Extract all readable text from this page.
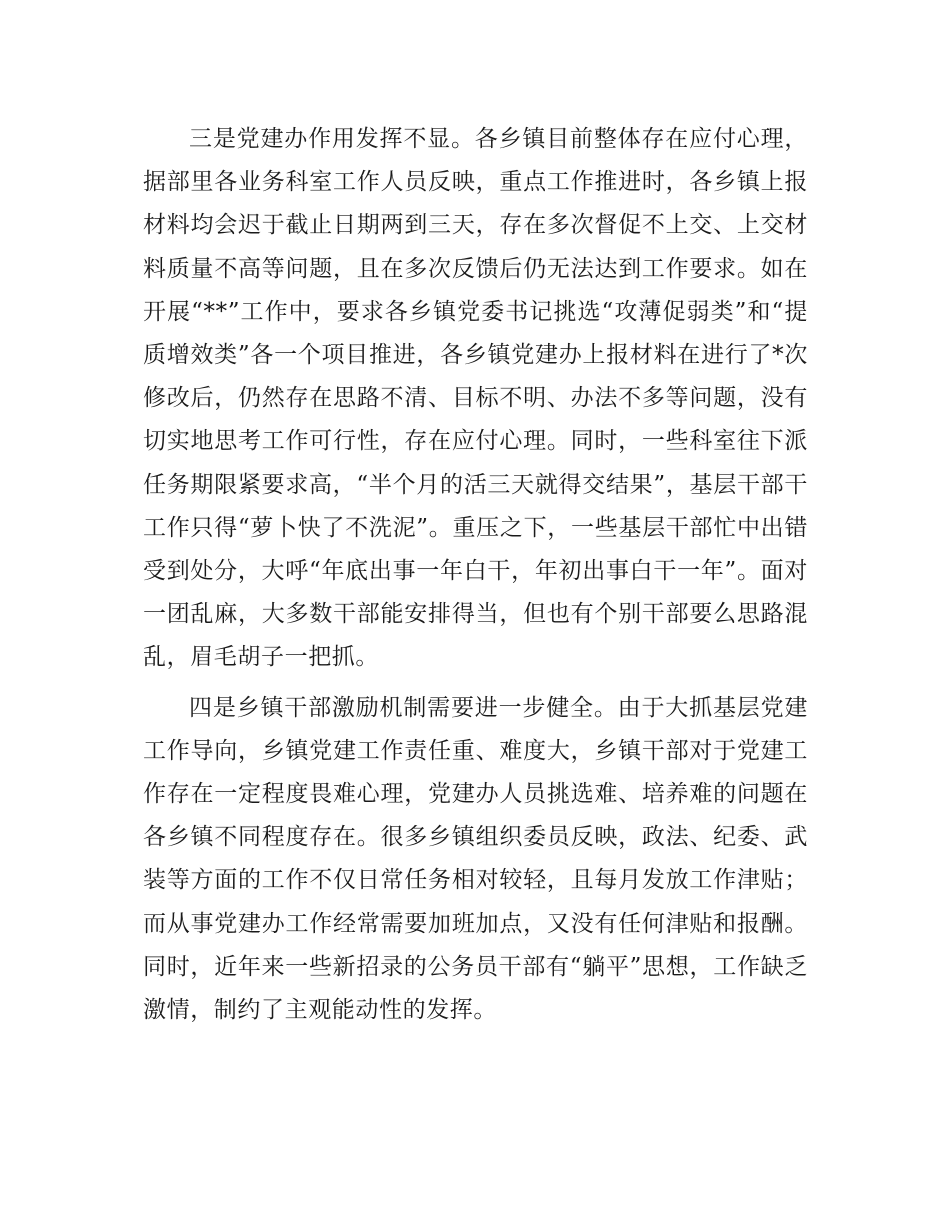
三是党建办作用发挥不显。各乡镇目前整体存在应付心理，据部里各业务科室工作人员反映，重点工作推进时，各乡镇上报材料均会迟于截止日期两到三天，存在多次督促不上交、上交材料质量不高等问题，且在多次反馈后仍无法达到工作要求。如在开展“**”工作中，要求各乡镇党委书记挑选“攻薄促弱类”和“提质增效类”各一个项目推进，各乡镇党建办上报材料在进行了*次修改后，仍然存在思路不清、目标不明、办法不多等问题，没有切实地思考工作可行性，存在应付心理。同时，一些科室往下派任务期限紧要求高，“半个月的活三天就得交结果”，基层干部干工作只得“萝卜快了不洗泥”。重压之下，一些基层干部忙中出错受到处分，大呼“年底出事一年白干，年初出事白干一年”。面对一团乱麻，大多数干部能安排得当，但也有个别干部要么思路混乱，眉毛胡子一把抓。

四是乡镇干部激励机制需要进一步健全。由于大抓基层党建工作导向，乡镇党建工作责任重、难度大，乡镇干部对于党建工作存在一定程度畏难心理，党建办人员挑选难、培养难的问题在各乡镇不同程度存在。很多乡镇组织委员反映，政法、纪委、武装等方面的工作不仅日常任务相对较轻，且每月发放工作津贴；而从事党建办工作经常需要加班加点，又没有任何津贴和报酬。同时，近年来一些新招录的公务员干部有“躺平”思想，工作缺乏激情，制约了主观能动性的发挥。
